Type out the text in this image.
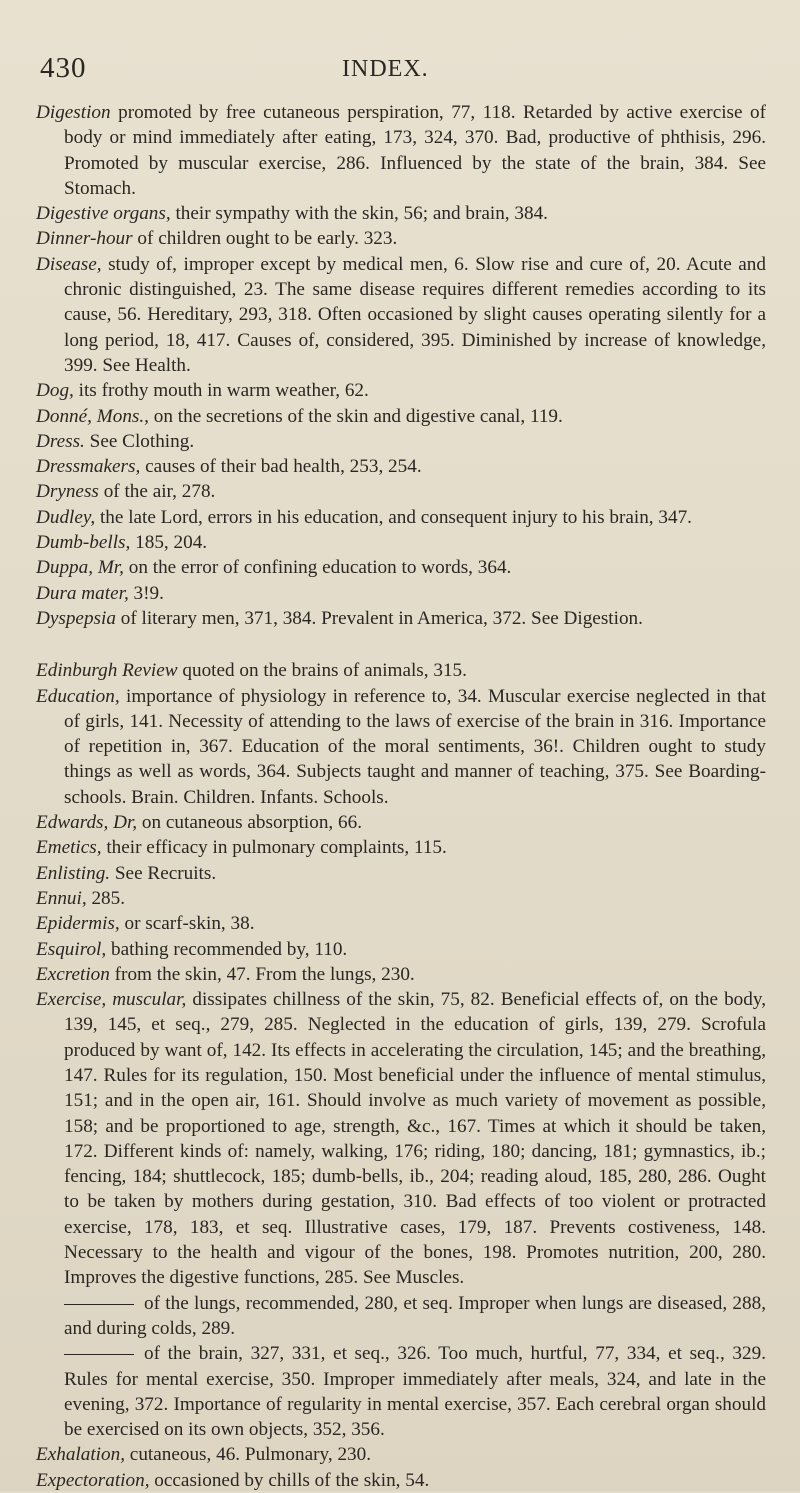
430	INDEX.
Digestion promoted by free cutaneous perspiration, 77, 118. Retarded by active exercise of body or mind immediately after eating, 173, 324, 370. Bad, productive of phthisis, 296. Promoted by muscular exercise, 286. Influenced by the state of the brain, 384. See Stomach.
Digestive organs, their sympathy with the skin, 56; and brain, 384.
Dinner-hour of children ought to be early. 323.
Disease, study of, improper except by medical men, 6. Slow rise and cure of, 20. Acute and chronic distinguished, 23. The same disease requires different remedies according to its cause, 56. Hereditary, 293, 318. Often occasioned by slight causes operating silently for a long period, 18, 417. Causes of, considered, 395. Diminished by increase of knowledge, 399. See Health.
Dog, its frothy mouth in warm weather, 62.
Donné, Mons., on the secretions of the skin and digestive canal, 119.
Dress. See Clothing.
Dressmakers, causes of their bad health, 253, 254.
Dryness of the air, 278.
Dudley, the late Lord, errors in his education, and consequent injury to his brain, 347.
Dumb-bells, 185, 204.
Duppa, Mr, on the error of confining education to words, 364.
Dura mater, 3!9.
Dyspepsia of literary men, 371, 384. Prevalent in America, 372. See Digestion.
Edinburgh Review quoted on the brains of animals, 315.
Education, importance of physiology in reference to, 34. Muscular exercise neglected in that of girls, 141. Necessity of attending to the laws of exercise of the brain in 316. Importance of repetition in, 367. Education of the moral sentiments, 36!. Children ought to study things as well as words, 364. Subjects taught and manner of teaching, 375. See Boarding-schools. Brain. Children. Infants. Schools.
Edwards, Dr, on cutaneous absorption, 66.
Emetics, their efficacy in pulmonary complaints, 115.
Enlisting. See Recruits.
Ennui, 285.
Epidermis, or scarf-skin, 38.
Esquirol, bathing recommended by, 110.
Excretion from the skin, 47. From the lungs, 230.
Exercise, muscular, dissipates chillness of the skin, 75, 82. Beneficial effects of, on the body, 139, 145, et seq., 279, 285. Neglected in the education of girls, 139, 279. Scrofula produced by want of, 142. Its effects in accelerating the circulation, 145; and the breathing, 147. Rules for its regulation, 150. Most beneficial under the influence of mental stimulus, 151; and in the open air, 161. Should involve as much variety of movement as possible, 158; and be proportioned to age, strength, &c., 167. Times at which it should be taken, 172. Different kinds of: namely, walking, 176; riding, 180; dancing, 181; gymnastics, ib.; fencing, 184; shuttlecock, 185; dumb-bells, ib., 204; reading aloud, 185, 280, 286. Ought to be taken by mothers during gestation, 310. Bad effects of too violent or protracted exercise, 178, 183, et seq. Illustrative cases, 179, 187. Prevents costiveness, 148. Necessary to the health and vigour of the bones, 198. Promotes nutrition, 200, 280. Improves the digestive functions, 285. See Muscles.
of the lungs, recommended, 280, et seq. Improper when lungs are diseased, 288, and during colds, 289.
of the brain, 327, 331, et seq., 326. Too much, hurtful, 77, 334, et seq., 329. Rules for mental exercise, 350. Improper immediately after meals, 324, and late in the evening, 372. Importance of regularity in mental exercise, 357. Each cerebral organ should be exercised on its own objects, 352, 356.
Exhalation, cutaneous, 46. Pulmonary, 230.
Expectoration, occasioned by chills of the skin, 54.
